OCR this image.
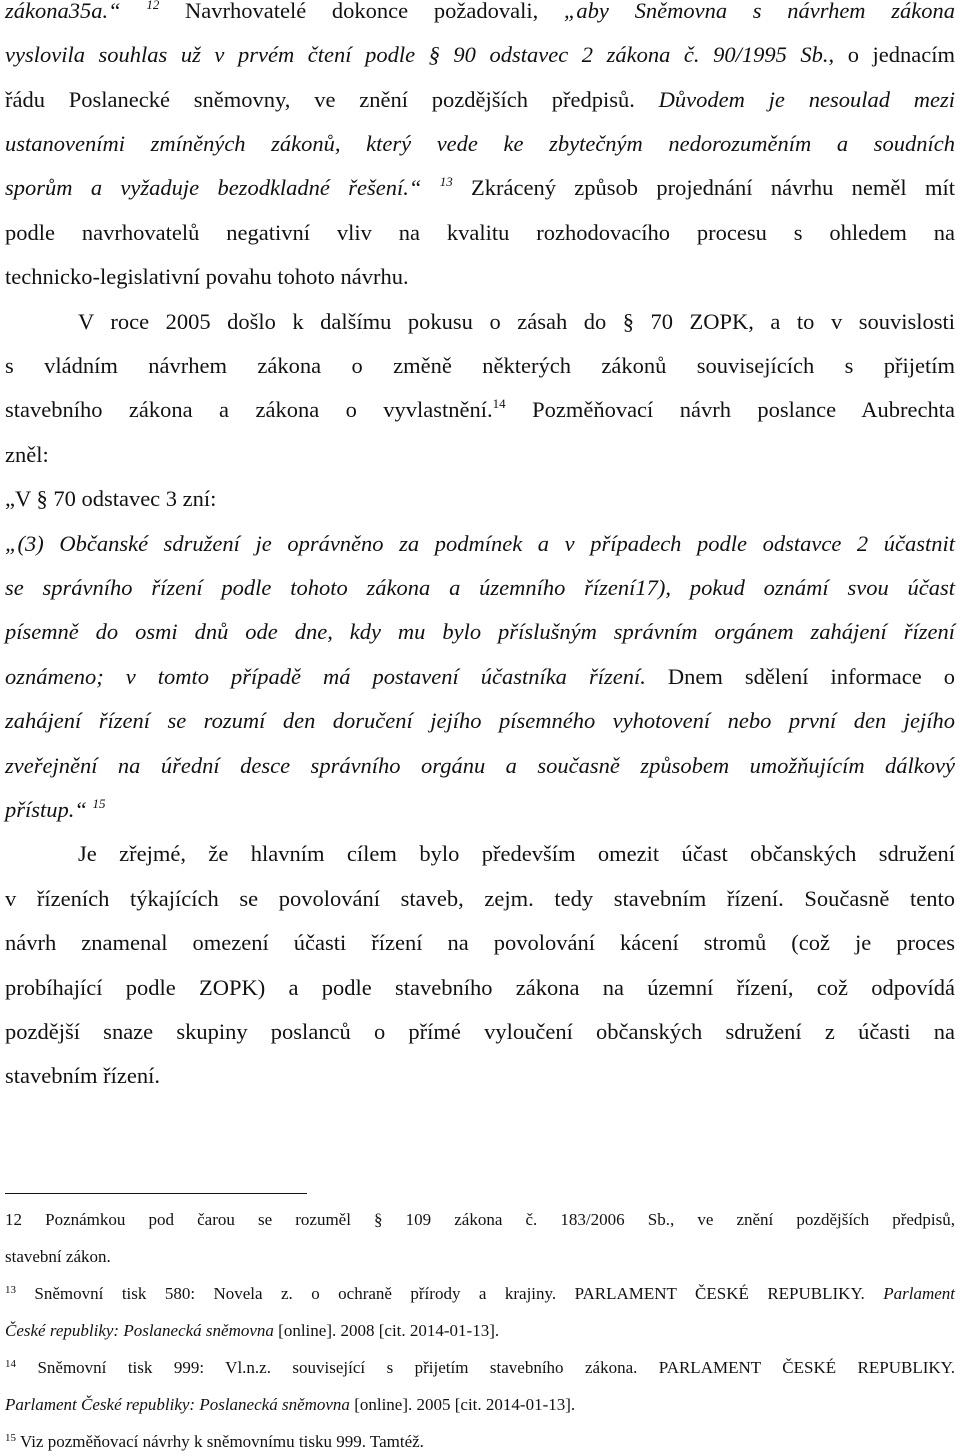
zákona35a.“ $^{12}$ Navrhovatelé dokonce požadovali, „aby Sněmovna s návrhem zákona
vyslovila souhlas už v prvém čtení podle § 90 odstavec 2 zákona č. 90/1995 Sb., o jednacím
řádu Poslanecké sněmovny, ve znění pozdějších předpisů. Důvodem je nesoulad mezi
ustanoveními zmíněných zákonů, který vede ke zbytečným nedorozuměním a soudních
sporům a vyžaduje bezodkladné řešení.“ $^{13}$ Zkrácený způsob projednání návrhu neměl mít
podle navrhovatelů negativní vliv na kvalitu rozhodovacího procesu s ohledem na
technicko-legislativní povahu tohoto návrhu.
V roce 2005 došlo k dalšímu pokusu o zásah do § 70 ZOPK, a to v souvislosti
s vládním návrhem zákona o změně některých zákonů souvisejících s přijetím
stavebního zákona a zákona o vyvlastnění.$^{14}$ Pozměňovací návrh poslance Aubrechta
zněl:
„V § 70 odstavec 3 zní:
„(3) Občanské sdružení je oprávněno za podmínek a v případech podle odstavce 2 účastnit
se správního řízení podle tohoto zákona a územního řízení17), pokud oznámí svou účast
písemně do osmi dnů ode dne, kdy mu bylo příslušným správním orgánem zahájení řízení
oznámeno; v tomto případě má postavení účastníka řízení. Dnem sdělení informace o
zahájení řízení se rozumí den doručení jejího písemného vyhotovení nebo první den jejího
zveřejnění na úřední desce správního orgánu a současně způsobem umožňujícím dálkový
přístup.“ $^{15}$
Je zřejmé, že hlavním cílem bylo především omezit účast občanských sdružení
v řízeních týkajících se povolování staveb, zejm. tedy stavebním řízení. Současně tento
návrh znamenal omezení účasti řízení na povolování kácení stromů (což je proces
probíhající podle ZOPK) a podle stavebního zákona na územní řízení, což odpovídá
pozdější snaze skupiny poslanců o přímé vyloučení občanských sdružení z účasti na
stavebním řízení.
12 Poznámkou pod čarou se rozuměl § 109 zákona č. 183/2006 Sb., ve znění pozdějších předpisů,
stavební zákon.
$^{13}$ Sněmovní tisk 580: Novela z. o ochraně přírody a krajiny. PARLAMENT ČESKÉ REPUBLIKY. Parlament
České republiky: Poslanecká sněmovna [online]. 2008 [cit. 2014-01-13].
$^{14}$ Sněmovní tisk 999: Vl.n.z. související s přijetím stavebního zákona. PARLAMENT ČESKÉ REPUBLIKY.
Parlament České republiky: Poslanecká sněmovna [online]. 2005 [cit. 2014-01-13].
$^{15}$ Viz pozměňovací návrhy k sněmovnímu tisku 999. Tamtéž.
